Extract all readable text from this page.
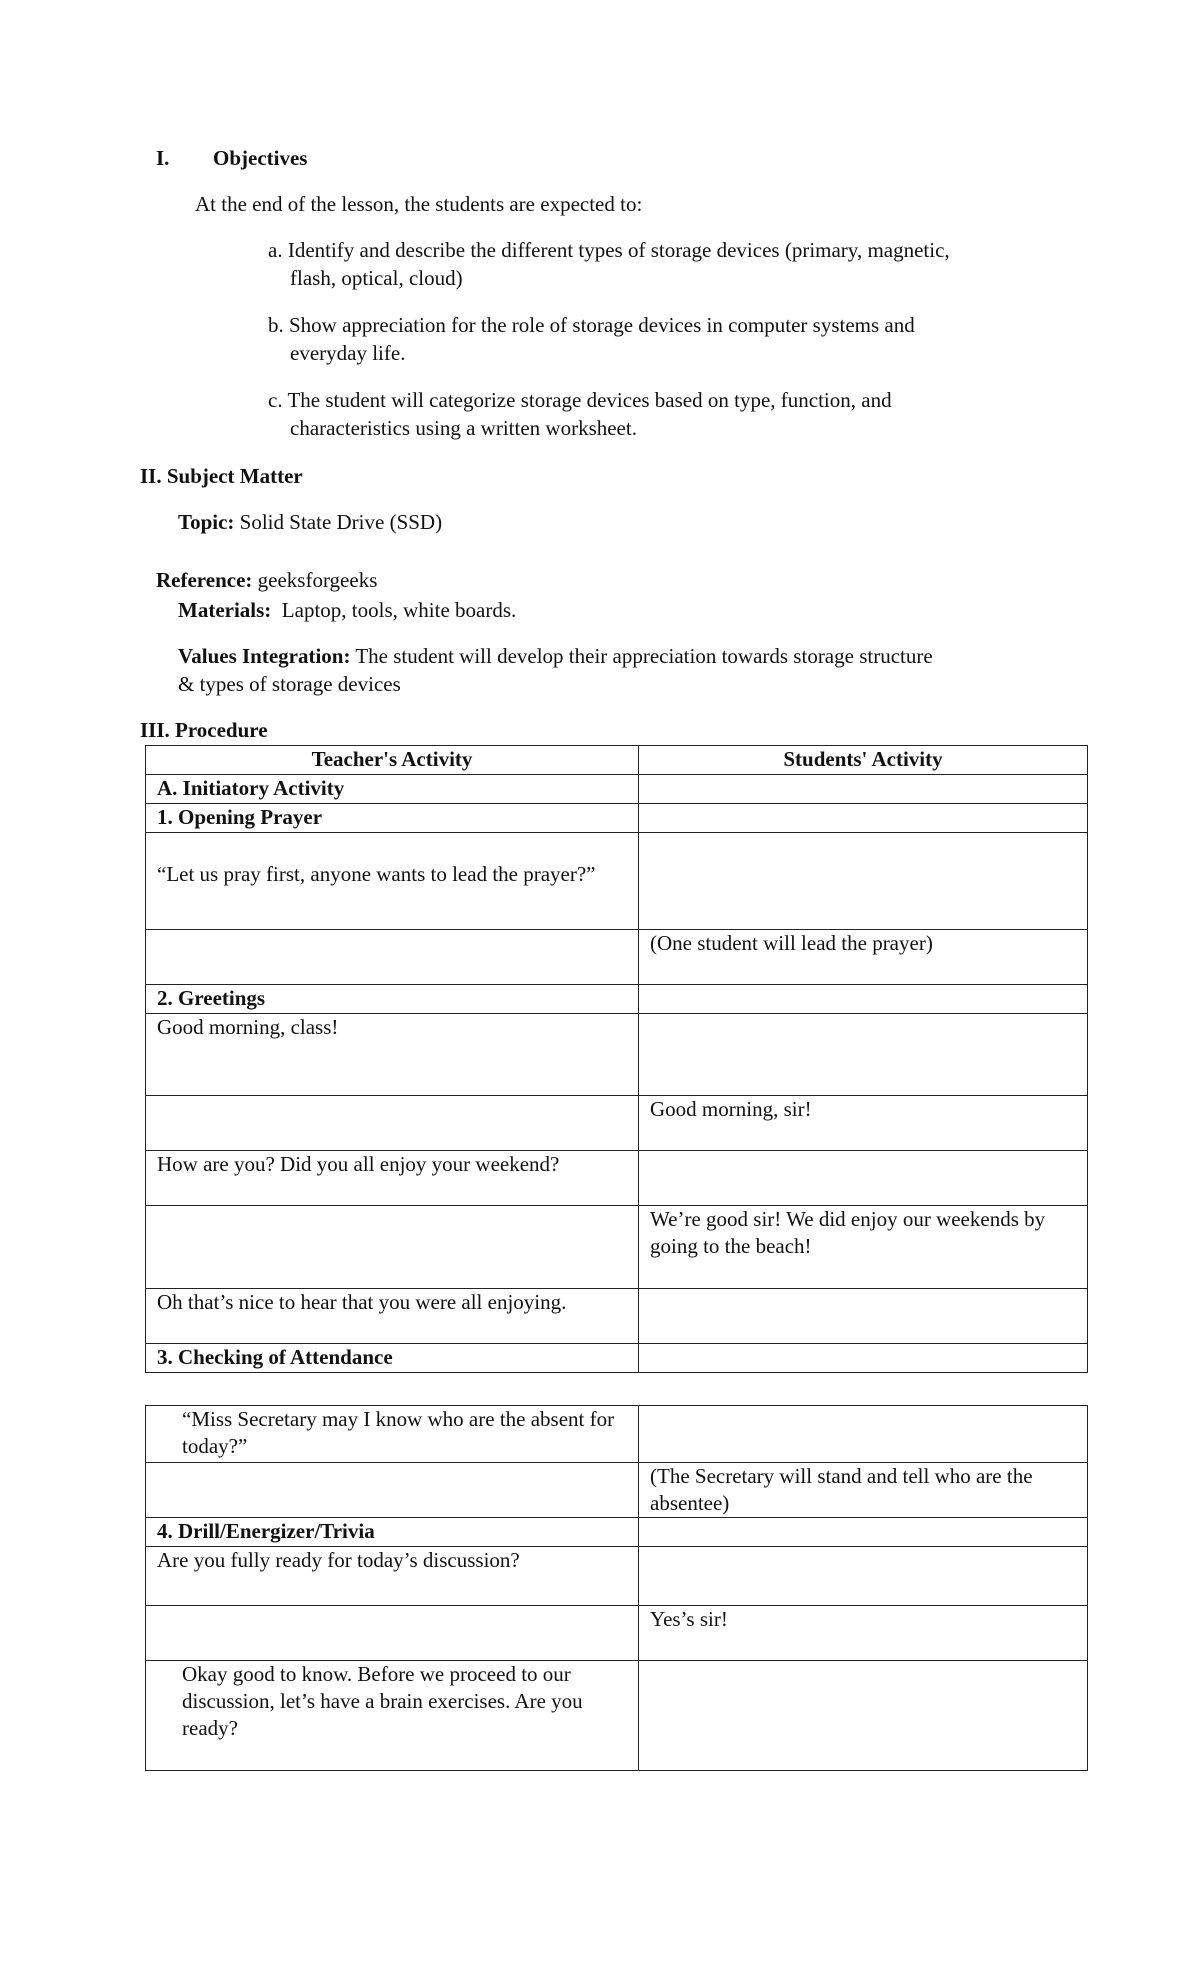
I. Objectives
At the end of the lesson, the students are expected to:
a. Identify and describe the different types of storage devices (primary, magnetic,
flash, optical, cloud)
b. Show appreciation for the role of storage devices in computer systems and
everyday life.
c. The student will categorize storage devices based on type, function, and
characteristics using a written worksheet.
II. Subject Matter
Topic: Solid State Drive (SSD)
Reference: geeksforgeeks
Materials:  Laptop, tools, white boards.
Values Integration: The student will develop their appreciation towards storage structure
& types of storage devices
III. Procedure
Teacher's Activity	Students' Activity
A. Initiatory Activity	
1. Opening Prayer	
“Let us pray first, anyone wants to lead the prayer?”	
	(One student will lead the prayer)
2. Greetings	
Good morning, class!	
	Good morning, sir!
How are you? Did you all enjoy your weekend?	
	We’re good sir! We did enjoy our weekends by going to the beach!
Oh that’s nice to hear that you were all enjoying.	
3. Checking of Attendance	
“Miss Secretary may I know who are the absent for today?”	
	(The Secretary will stand and tell who are the absentee)
4. Drill/Energizer/Trivia	
Are you fully ready for today’s discussion?	
	Yes’s sir!
Okay good to know. Before we proceed to our discussion, let’s have a brain exercises. Are you ready?	
